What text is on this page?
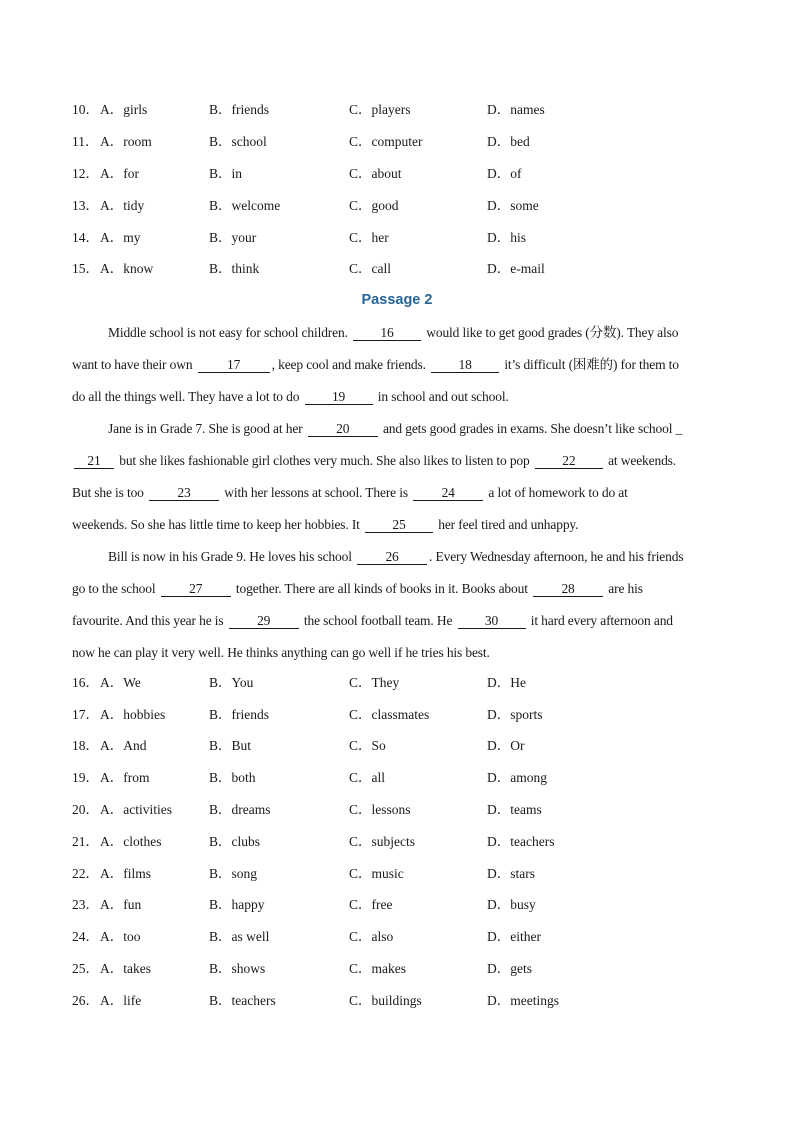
10． A．girls	B．friends	C．players	D．names
11． A．room	B．school	C．computer	D．bed
12． A．for	B．in	C．about	D．of
13． A．tidy	B．welcome	C．good	D．some
14． A．my	B．your	C．her	D．his
15． A．know	B．think	C．call	D．e-mail
Passage 2
Middle school is not easy for school children. 16 would like to get good grades (分数). They also
want to have their own 17 , keep cool and make friends. 18 it’s difficult (困难的) for them to
do all the things well. They have a lot to do 19 in school and out school.
Jane is in Grade 7. She is good at her 20 and gets good grades in exams. She doesn’t like school _
21 but she likes fashionable girl clothes very much. She also likes to listen to pop 22 at weekends.
But she is too 23 with her lessons at school. There is 24 a lot of homework to do at
weekends. So she has little time to keep her hobbies. It 25 her feel tired and unhappy.
Bill is now in his Grade 9. He loves his school 26 . Every Wednesday afternoon, he and his friends
go to the school 27 together. There are all kinds of books in it. Books about 28 are his
favourite. And this year he is 29 the school football team. He 30 it hard every afternoon and
now he can play it very well. He thinks anything can go well if he tries his best.
16． A．We	B．You	C．They	D．He
17． A．hobbies	B．friends	C．classmates	D．sports
18． A．And	B．But	C．So	D．Or
19． A．from	B．both	C．all	D．among
20． A．activities	B．dreams	C．lessons	D．teams
21． A．clothes	B．clubs	C．subjects	D．teachers
22． A．films	B．song	C．music	D．stars
23． A．fun	B．happy	C．free	D．busy
24． A．too	B．as well	C．also	D．either
25． A．takes	B．shows	C．makes	D．gets
26． A．life	B．teachers	C．buildings	D．meetings
